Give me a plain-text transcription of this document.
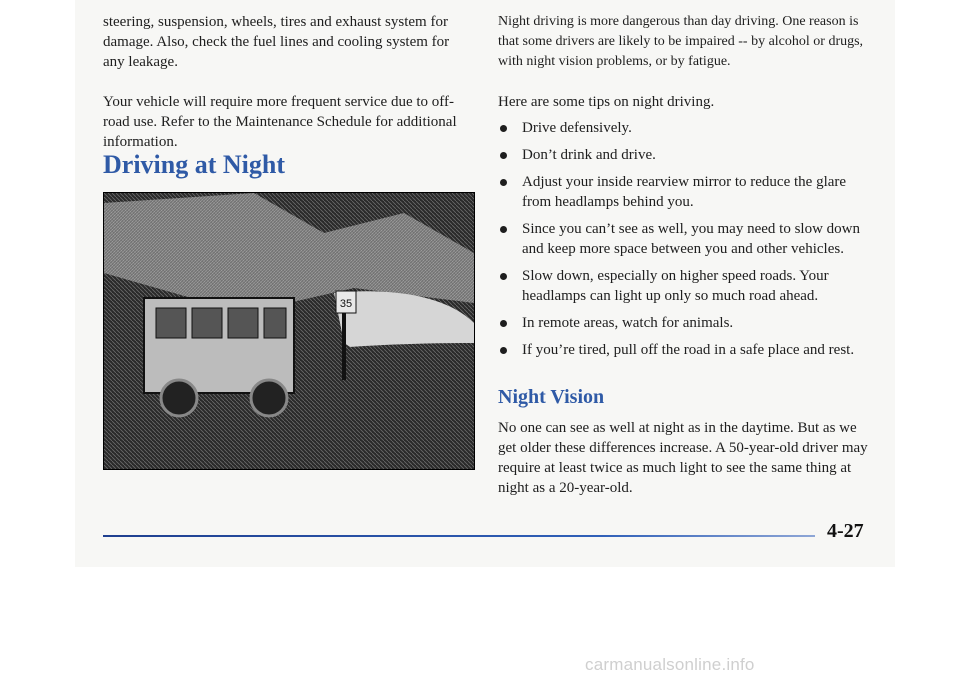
steering, suspension, wheels, tires and exhaust system for damage. Also, check the fuel lines and cooling system for any leakage.

Your vehicle will require more frequent service due to off-road use. Refer to the Maintenance Schedule for additional information.

Driving at Night
35

Night driving is more dangerous than day driving. One reason is that some drivers are likely to be impaired -- by alcohol or drugs, with night vision problems, or by fatigue.

Here are some tips on night driving.

Drive defensively.
Don’t drink and drive.
Adjust your inside rearview mirror to reduce the glare from headlamps behind you.
Since you can’t see as well, you may need to slow down and keep more space between you and other vehicles.
Slow down, especially on higher speed roads. Your headlamps can light up only so much road ahead.
In remote areas, watch for animals.
If you’re tired, pull off the road in a safe place and rest.
Night Vision

No one can see as well at night as in the daytime. But as we get older these differences increase. A 50-year-old driver may require at least twice as much light to see the same thing at night as a 20-year-old.

4-27
carmanualsonline.info
